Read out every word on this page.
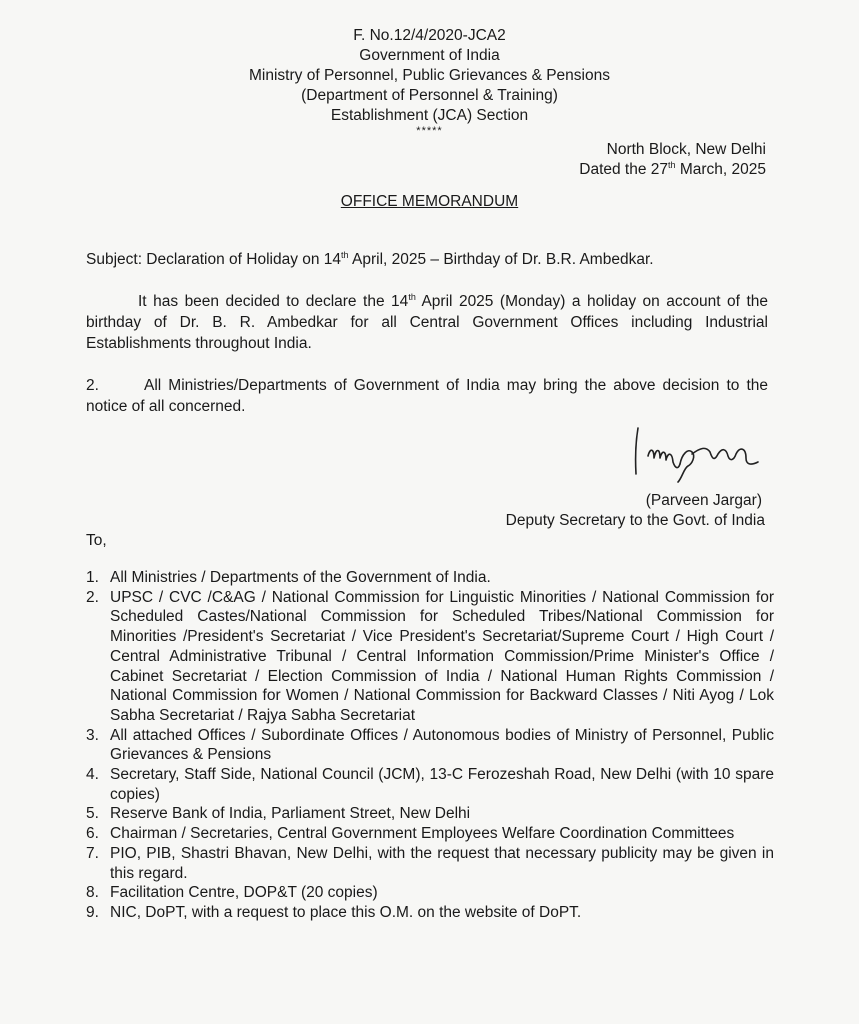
F. No.12/4/2020-JCA2
Government of India
Ministry of Personnel, Public Grievances & Pensions
(Department of Personnel & Training)
Establishment (JCA) Section
*****
North Block, New Delhi
Dated the 27th March, 2025
OFFICE MEMORANDUM
Subject: Declaration of Holiday on 14th April, 2025 – Birthday of Dr. B.R. Ambedkar.
It has been decided to declare the 14th April 2025 (Monday) a holiday on account of the birthday of Dr. B. R. Ambedkar for all Central Government Offices including Industrial Establishments throughout India.
2.	All Ministries/Departments of Government of India may bring the above decision to the notice of all concerned.
(Parveen Jargar)
Deputy Secretary to the Govt. of India
To,
1. All Ministries / Departments of the Government of India.
2. UPSC / CVC /C&AG / National Commission for Linguistic Minorities / National Commission for Scheduled Castes/National Commission for Scheduled Tribes/National Commission for Minorities /President's Secretariat / Vice President's Secretariat/Supreme Court / High Court / Central Administrative Tribunal / Central Information Commission/Prime Minister's Office / Cabinet Secretariat / Election Commission of India / National Human Rights Commission / National Commission for Women / National Commission for Backward Classes / Niti Ayog / Lok Sabha Secretariat / Rajya Sabha Secretariat
3. All attached Offices / Subordinate Offices / Autonomous bodies of Ministry of Personnel, Public Grievances & Pensions
4. Secretary, Staff Side, National Council (JCM), 13-C Ferozeshah Road, New Delhi (with 10 spare copies)
5. Reserve Bank of India, Parliament Street, New Delhi
6. Chairman / Secretaries, Central Government Employees Welfare Coordination Committees
7. PIO, PIB, Shastri Bhavan, New Delhi, with the request that necessary publicity may be given in this regard.
8. Facilitation Centre, DOP&T (20 copies)
9. NIC, DoPT, with a request to place this O.M. on the website of DoPT.
